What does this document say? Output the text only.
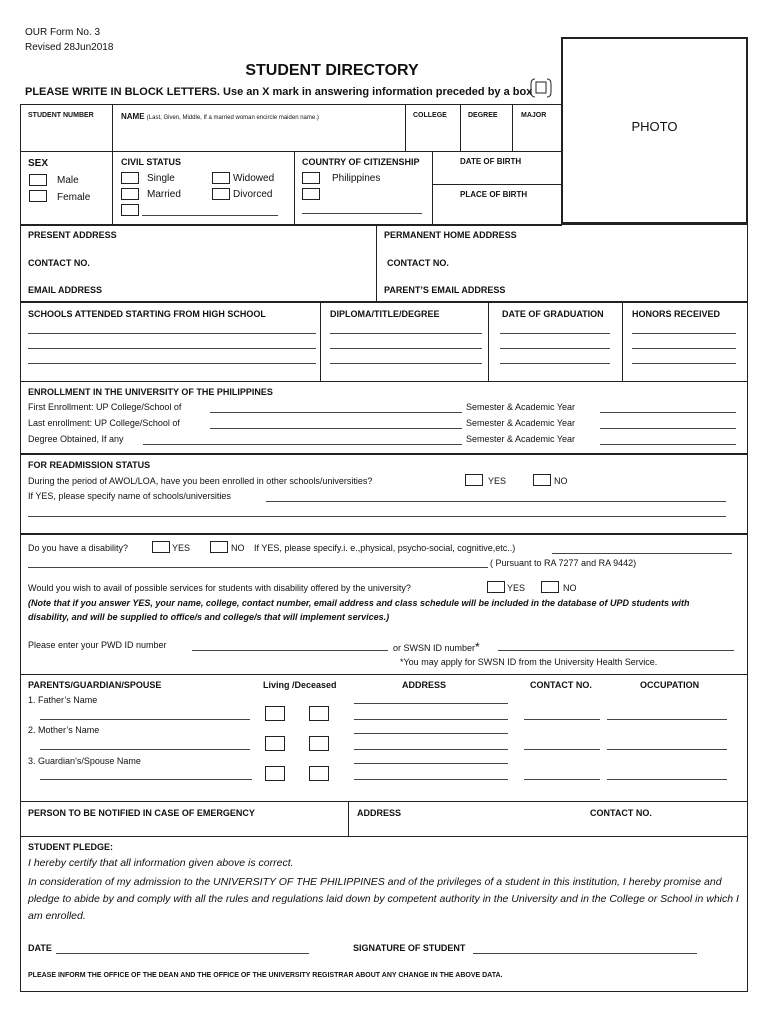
OUR Form No. 3
Revised 28Jun2018
STUDENT DIRECTORY
PLEASE WRITE IN BLOCK LETTERS. Use an X mark in answering information preceded by a box
PHOTO
STUDENT NUMBER	NAME (Last, Given, Middle, If a married woman encircle maiden name.)	COLLEGE	DEGREE	MAJOR
SEX
Male
Female
CIVIL STATUS
Single	Widowed
Married	Divorced
COUNTRY OF CITIZENSHIP
Philippines
DATE OF BIRTH
PLACE OF BIRTH
PRESENT ADDRESS	PERMANENT HOME ADDRESS
CONTACT NO.	CONTACT NO.
EMAIL ADDRESS	PARENT’S EMAIL ADDRESS
SCHOOLS ATTENDED STARTING FROM HIGH SCHOOL	DIPLOMA/TITLE/DEGREE	DATE OF GRADUATION	HONORS RECEIVED
ENROLLMENT IN THE UNIVERSITY OF THE PHILIPPINES
First Enrollment: UP College/School of	Semester & Academic Year
Last enrollment: UP College/School of	Semester & Academic Year
Degree Obtained, If any	Semester & Academic Year
FOR READMISSION STATUS
During the period of AWOL/LOA, have you been enrolled in other schools/universities?	YES	NO
If YES, please specify name of schools/universities
Do you have a disability?	YES	NO If YES, please specify.i. e.,physical, psycho-social, cognitive,etc..)
( Pursuant to RA 7277 and RA 9442)
Would you wish to avail of possible services for students with disability offered by the university?	YES	NO
(Note that if you answer YES, your name, college, contact number, email address and class schedule will be included in the database of UPD students with disability, and will be supplied to office/s and college/s that will implement services.)
Please enter your PWD ID number	or SWSN ID number*
*You may apply for SWSN ID from the University Health Service.
PARENTS/GUARDIAN/SPOUSE	Living /Deceased	ADDRESS	CONTACT NO.	OCCUPATION
1. Father’s Name
2. Mother’s Name
3. Guardian’s/Spouse Name
PERSON TO BE NOTIFIED IN CASE OF EMERGENCY	ADDRESS	CONTACT NO.
STUDENT PLEDGE:
I hereby certify that all information given above is correct.
In consideration of my admission to the UNIVERSITY OF THE PHILIPPINES and of the privileges of a student in this institution, I hereby promise and pledge to abide by and comply with all the rules and regulations laid down by competent authority in the University and in the College or School in which I am enrolled.
DATE	SIGNATURE OF STUDENT
PLEASE INFORM THE OFFICE OF THE DEAN AND THE OFFICE OF THE UNIVERSITY REGISTRAR ABOUT ANY CHANGE IN THE ABOVE DATA.
